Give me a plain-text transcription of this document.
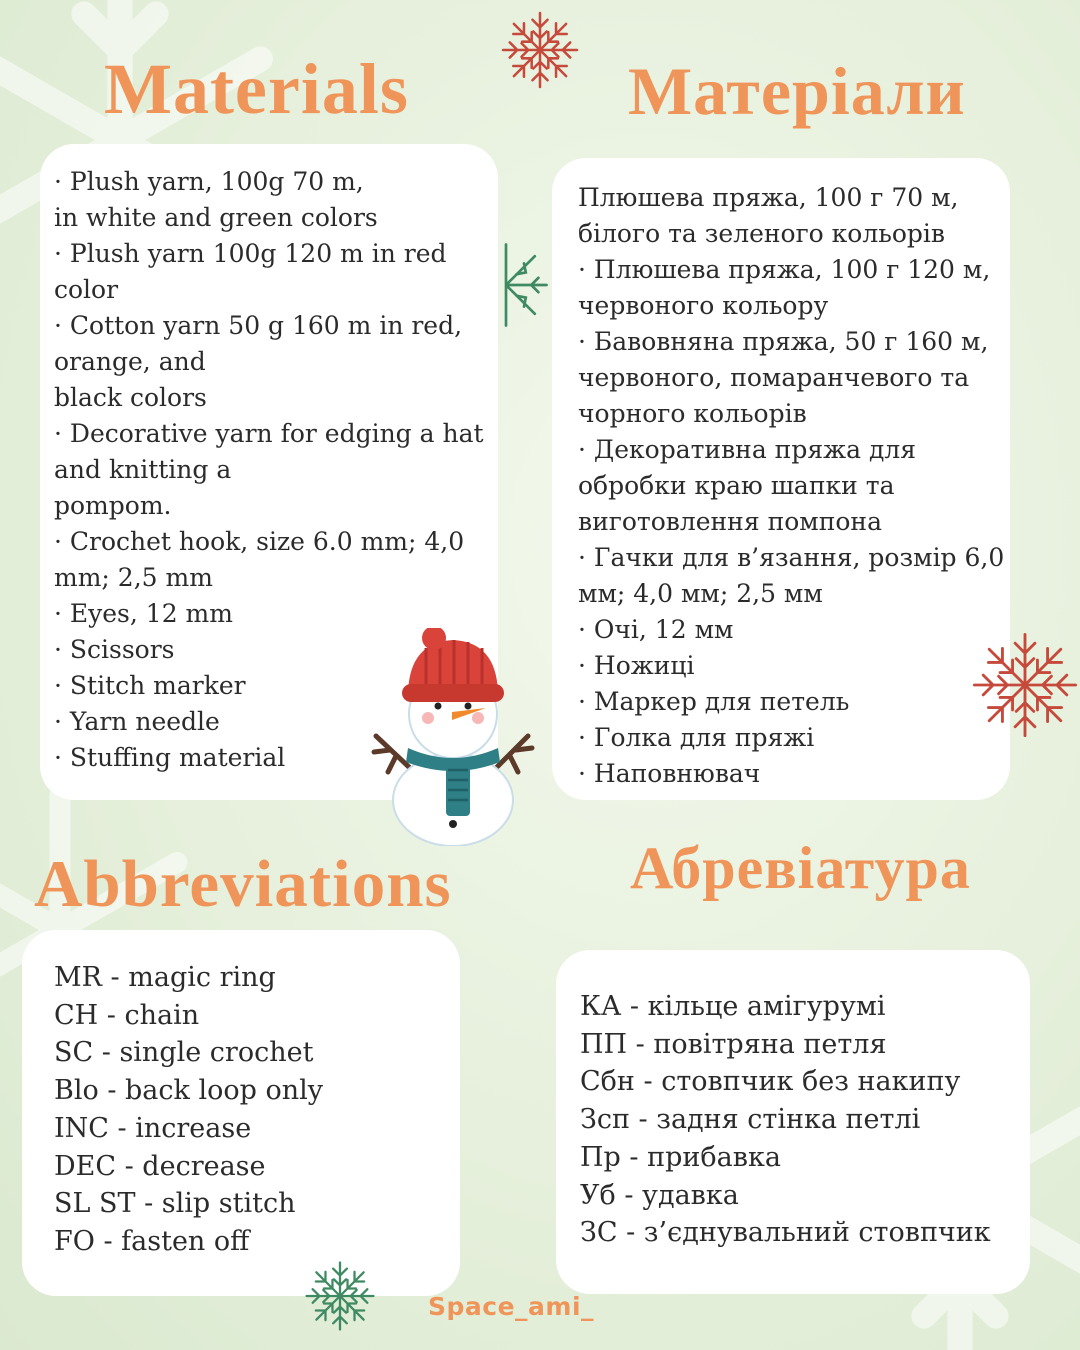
Materials	Матеріали
Abbreviations	Абревіатура
· Plush yarn, 100g 70 m,
in white and green colors
· Plush yarn 100g 120 m in red color
· Cotton yarn 50 g 160 m in red, orange, and
black colors
· Decorative yarn for edging a hat and knitting a
pompom.
· Crochet hook, size 6.0 mm; 4,0 mm; 2,5 mm
· Eyes, 12 mm
· Scissors
· Stitch marker
· Yarn needle
· Stuffing material
Плюшева пряжа, 100 г 70 м, білого та зеленого кольорів
· Плюшева пряжа, 100 г 120 м, червоного кольору
· Бавовняна пряжа, 50 г 160 м, червоного, помаранчевого та чорного кольорів
· Декоративна пряжа для обробки краю шапки та виготовлення помпона
· Гачки для в’язання, розмір 6,0 мм; 4,0 мм; 2,5 мм
· Очі, 12 мм
· Ножиці
· Маркер для петель
· Голка для пряжі
· Наповнювач
MR - magic ring
CH - chain
SC - single crochet
Blo - back loop only
INC - increase
DEC - decrease
SL ST - slip stitch
FO - fasten off
КА - кільце амігурумі
ПП - повітряна петля
Сбн - стовпчик без накипу
Зсп - задня стінка петлі
Пр - прибавка
Уб - удавка
ЗС - з’єднувальний стовпчик
Space_ami_
